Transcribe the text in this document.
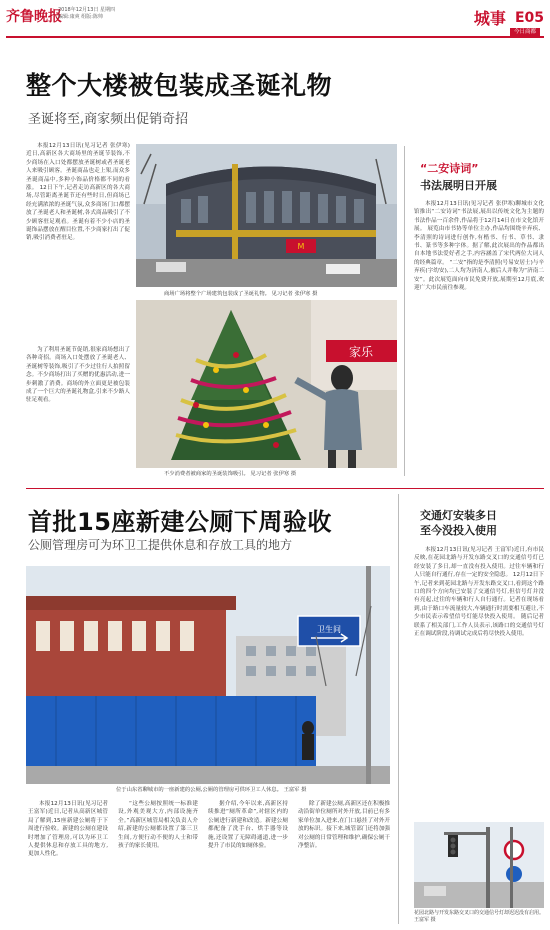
齐鲁晚报
2018年12月13日 星期四
编辑:康爽 组版:陈帅	城事 E05
今日商都
整个大楼被包装成圣诞礼物
圣诞将至,商家频出促销奇招
本报12月13日讯(见习记者 张伊寒)近日,高新区各大商场里的圣诞节装饰,不少商场在入口处都摆放圣诞树或者圣诞老人来吸引顾客。圣诞商品也走上架,而众多圣诞商品中,多种小饰品价格都不同的看涨。 12日下午,记者走访高新区的各大商场,尽管距离圣诞节还有些时日,但商场已经充满浓浓的圣诞气氛,众多商场门口都摆放了圣诞老人和圣诞树,各式商品吸引了不少顾客驻足观看。圣诞有着不少小店的圣诞饰品摆放在醒目位置,不少商家打出了促销,吸引消费者驻足。
为了利用圣诞节促销,很家商场想出了各种奇招。商场入口处摆放了圣诞老人、圣诞树等装饰,吸引了不少过往行人拍照留念。不少商场打出了买赠的优惠活动,进一步刺激了消费。商场的外立面更是被包装成了一个巨大的圣诞礼物盒,引来不少路人驻足观看。
M
商场广场将整个广场建筑包装成了圣诞礼物。 见习记者 张伊寒 摄
家乐
不少消费者被商家的圣诞装饰吸引。 见习记者 张伊寒 摄
“二安诗词”
书法展明日开展
本报12月13日讯(见习记者 张伊寒)聊城市文化馆推出“二安诗词”书法展,展出以传统文化为主题的书法作品一百余件,作品将于12月14日在市文化馆开展。 展览由市书协等单位主办,作品均围绕辛弃疾、李清照的诗词进行创作,有楷书、行书、草书、隶书、篆书等多种字体。据了解,此次展出的作品都出自本地书法爱好者之手,内容涵盖了宋代两位大词人的经典篇章。 “二安”指的是李清照(号易安居士)与辛弃疾(字幼安),二人均为济南人,被后人并称为“济南二安”。此次展览面向市民免费开放,展期至12月底,欢迎广大市民前往参观。
首批15座新建公厕下周验收
公厕管理房可为环卫工提供休息和存放工具的地方
卫生间
位于山东省聊城市的一座新建的公厕,公厕的管理房可供环卫工人休息。 王富军 摄
本报12月13日讯(见习记者 王富军)近日,记者从高新区城管局了解到,15座新建公厕将于下周进行验收。新建的公厕在建设时增加了管理房,可以为环卫工人提供休息和存放工具的地方,更加人性化。
“这些公厕按照统一标准建设,外观美观大方,内部设施齐全。”高新区城管局相关负责人介绍,新建的公厕都设置了第三卫生间,方便行动不便的人士和带孩子的家长使用。
据介绍,今年以来,高新区持续推进“厕所革命”,对辖区内的公厕进行新建和改造。新建公厕都配备了洗手台、烘手器等设施,还设置了无障碍通道,进一步提升了市民的如厕体验。
除了新建公厕,高新区还在积极推动沿街单位厕所对外开放,目前已有多家单位加入进来,在门口悬挂了对外开放的标识。接下来,城管部门还将加强对公厕的日常管理和维护,确保公厕干净整洁。
交通灯安装多日
至今没投入使用
本报12月13日讯(见习记者 王富军)近日,有市民反映,在花园北路与开发东路交叉口的交通信号灯已经安装了多日,却一直没有投入使用。过往车辆和行人只能自行通行,存在一定的安全隐患。 12月12日下午,记者来到花园北路与开发东路交叉口,看到这个路口的四个方向均已安装了交通信号灯,但信号灯并没有亮起,过往的车辆和行人自行通行。记者在现场看到,由于路口车流量较大,车辆通行时需要相互避让,不少市民表示希望信号灯能尽快投入使用。 随后记者联系了相关部门,工作人员表示,该路口的交通信号灯正在调试阶段,待调试完成后将尽快投入使用。
花园北路与开发东路交叉口的交通信号灯却迟迟没有启用。 王富军 摄
